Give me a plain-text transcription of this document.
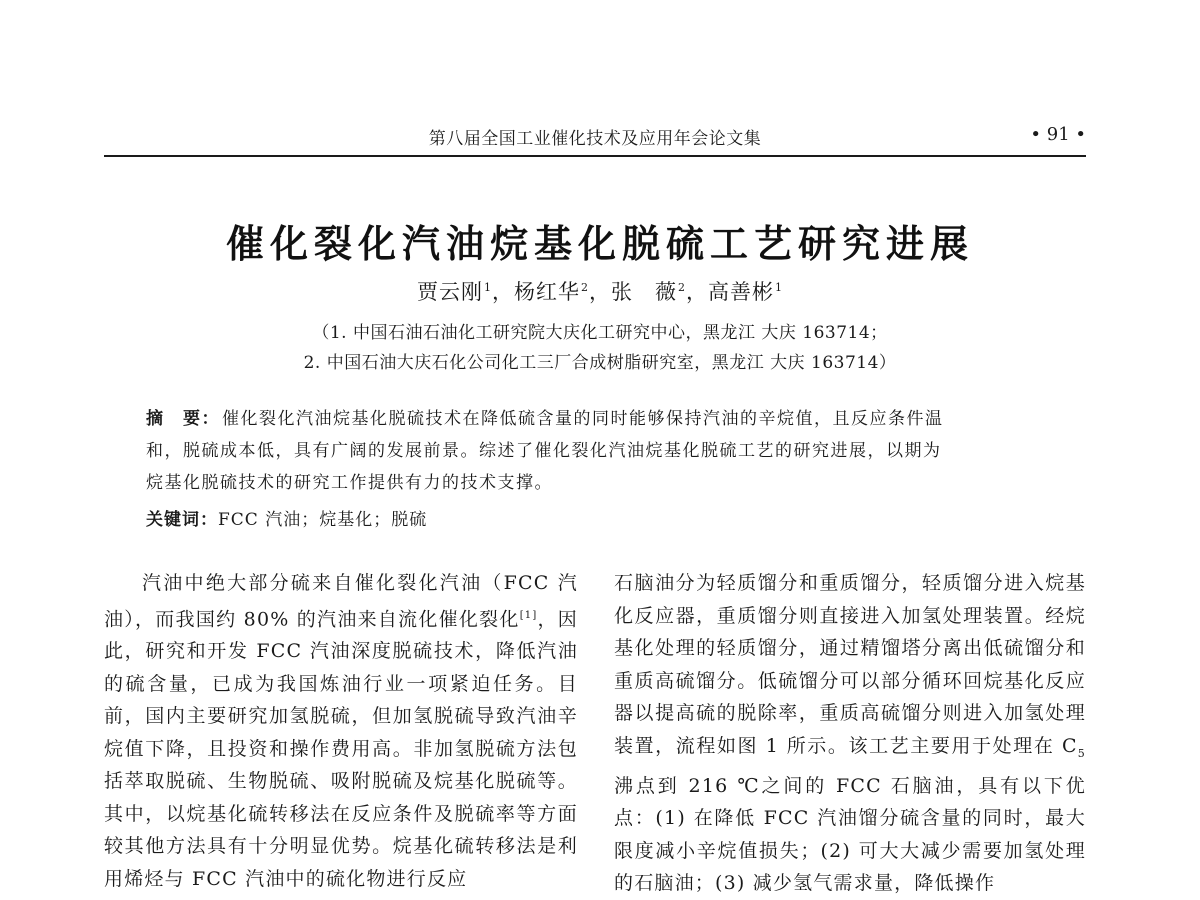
第八届全国工业催化技术及应用年会论文集	• 91 •
催化裂化汽油烷基化脱硫工艺研究进展
贾云刚$^1$，杨红华$^2$，张　薇$^2$，高善彬$^1$
（1. 中国石油石油化工研究院大庆化工研究中心，黑龙江 大庆 163714；
2. 中国石油大庆石化公司化工三厂合成树脂研究室，黑龙江 大庆 163714）

摘　要： 催化裂化汽油烷基化脱硫技术在降低硫含量的同时能够保持汽油的辛烷值，且反应条件温

和，脱硫成本低，具有广阔的发展前景。综述了催化裂化汽油烷基化脱硫工艺的研究进展，以期为

烷基化脱硫技术的研究工作提供有力的技术支撑。

关键词：FCC 汽油；烷基化；脱硫

汽油中绝大部分硫来自催化裂化汽油（FCC 汽油），而我国约 80% 的汽油来自流化催化裂化[1]，因此，研究和开发 FCC 汽油深度脱硫技术，降低汽油的硫含量，已成为我国炼油行业一项紧迫任务。目前，国内主要研究加氢脱硫，但加氢脱硫导致汽油辛烷值下降，且投资和操作费用高。非加氢脱硫方法包括萃取脱硫、生物脱硫、吸附脱硫及烷基化脱硫等。其中，以烷基化硫转移法在反应条件及脱硫率等方面较其他方法具有十分明显优势。烷基化硫转移法是利用烯烃与 FCC 汽油中的硫化物进行反应

石脑油分为轻质馏分和重质馏分，轻质馏分进入烷基化反应器，重质馏分则直接进入加氢处理装置。经烷基化处理的轻质馏分，通过精馏塔分离出低硫馏分和重质高硫馏分。低硫馏分可以部分循环回烷基化反应器以提高硫的脱除率，重质高硫馏分则进入加氢处理装置，流程如图 1 所示。该工艺主要用于处理在 $C_5$ 沸点到 216 ℃之间的 FCC 石脑油，具有以下优点：(1) 在降低 FCC 汽油馏分硫含量的同时，最大限度减小辛烷值损失；(2) 可大大减少需要加氢处理的石脑油；(3) 减少氢气需求量，降低操作
